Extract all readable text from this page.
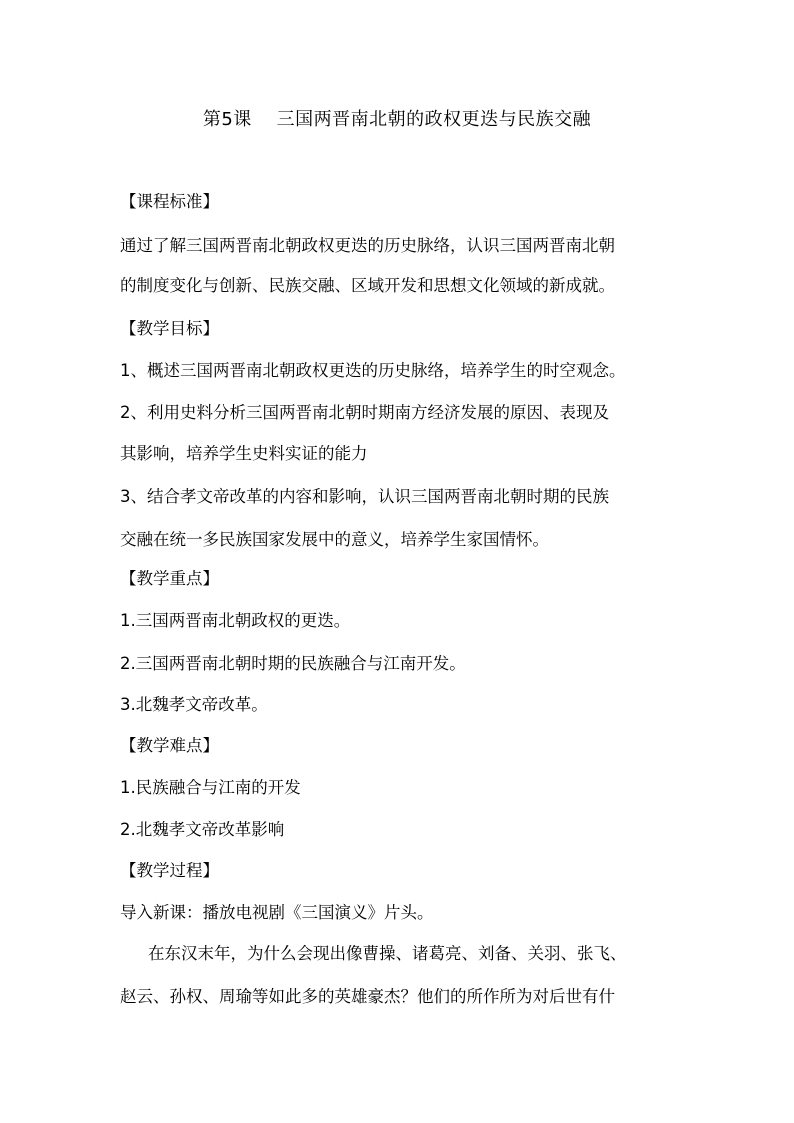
第5课    三国两晋南北朝的政权更迭与民族交融
【课程标准】
通过了解三国两晋南北朝政权更迭的历史脉络，认识三国两晋南北朝
的制度变化与创新、民族交融、区域开发和思想文化领域的新成就。
【教学目标】
1、概述三国两晋南北朝政权更迭的历史脉络，培养学生的时空观念。
2、利用史料分析三国两晋南北朝时期南方经济发展的原因、表现及
其影响，培养学生史料实证的能力
3、结合孝文帝改革的内容和影响，认识三国两晋南北朝时期的民族
交融在统一多民族国家发展中的意义，培养学生家国情怀。
【教学重点】
1.三国两晋南北朝政权的更迭。
2.三国两晋南北朝时期的民族融合与江南开发。
3.北魏孝文帝改革。
【教学难点】
1.民族融合与江南的开发
2.北魏孝文帝改革影响
【教学过程】
导入新课：播放电视剧《三国演义》片头。
在东汉末年，为什么会现出像曹操、诸葛亮、刘备、关羽、张飞、
赵云、孙权、周瑜等如此多的英雄豪杰？他们的所作所为对后世有什
